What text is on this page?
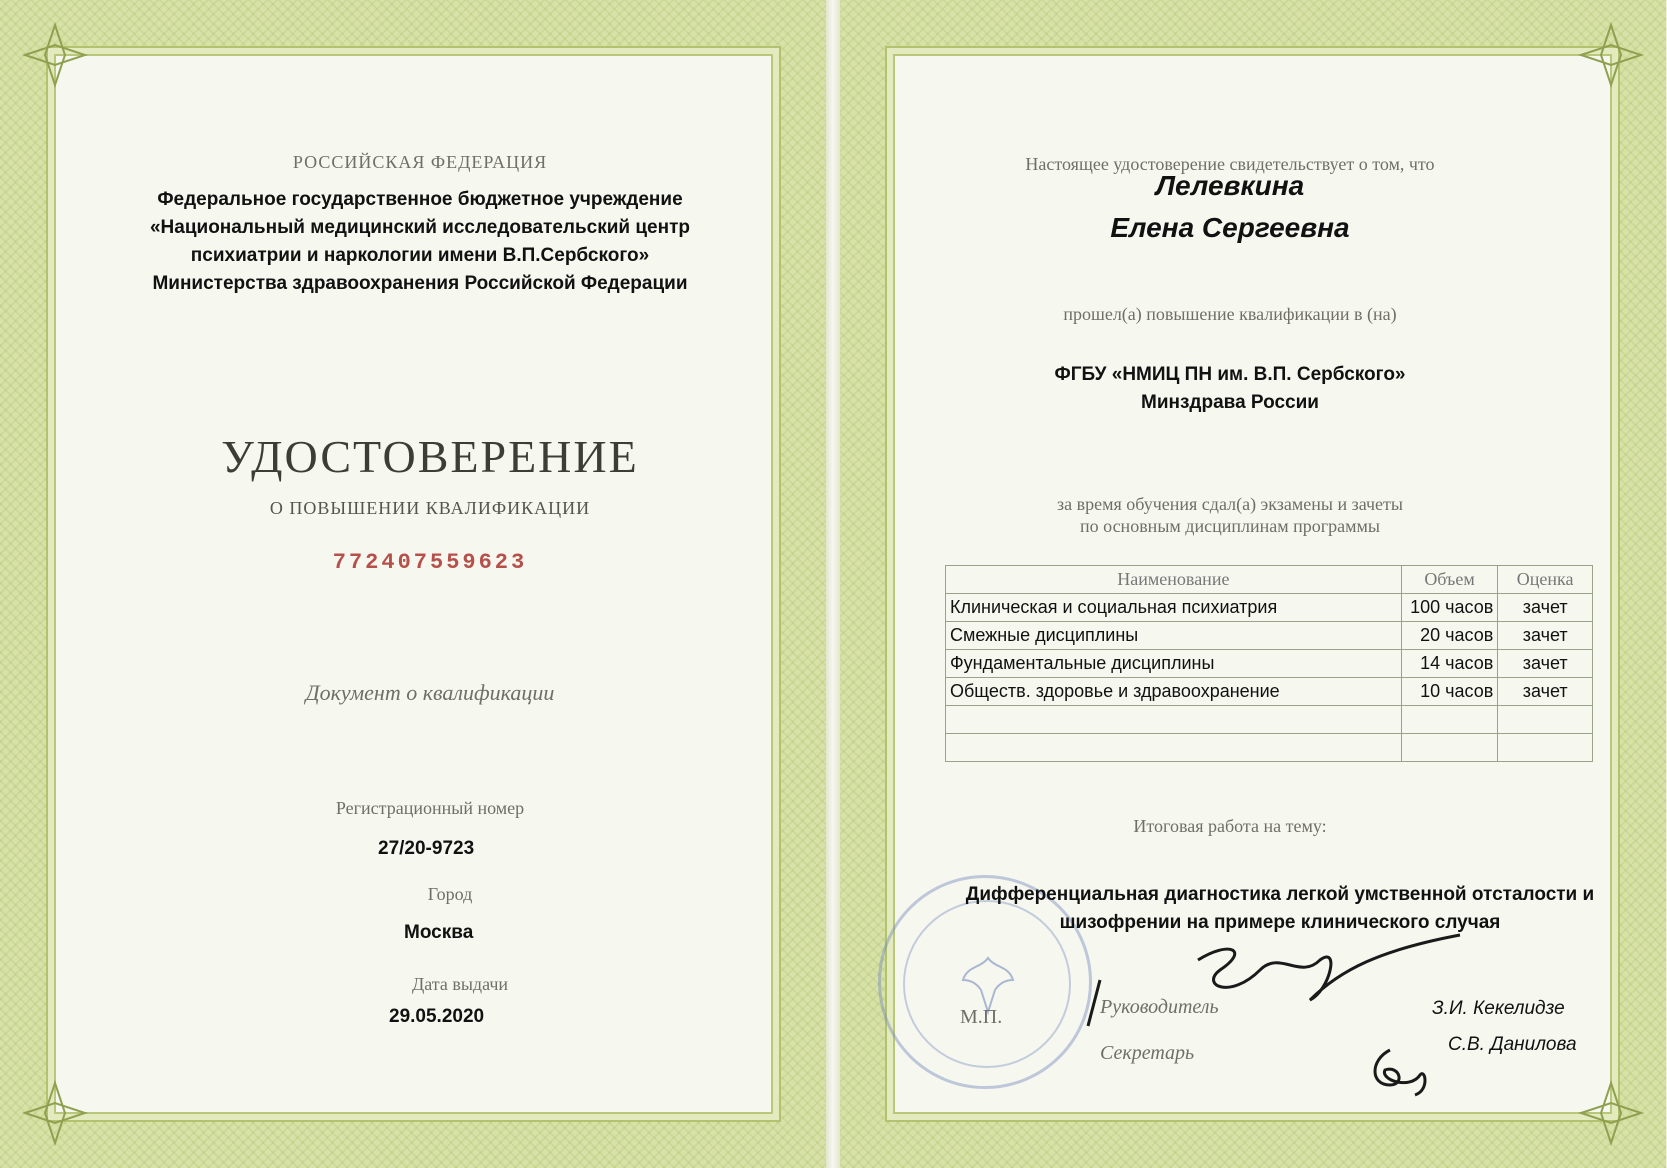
РОССИЙСКАЯ ФЕДЕРАЦИЯ

Федеральное государственное бюджетное учреждение

«Национальный медицинский исследовательский центр

психиатрии и наркологии имени В.П.Сербского»

Министерства здравоохранения Российской Федерации

УДОСТОВЕРЕНИЕ

О ПОВЫШЕНИИ КВАЛИФИКАЦИИ

772407559623

Документ о квалификации

Регистрационный номер

27/20-9723

Город

Москва

Дата выдачи

29.05.2020

Настоящее удостоверение свидетельствует о том, что

Лелевкина

Елена Сергеевна

прошел(а) повышение квалификации в (на)

ФГБУ «НМИЦ ПН им. В.П. Сербского»

Минздрава России

за время обучения сдал(а) экзамены и зачеты

по основным дисциплинам программы

Наименование	Объем	Оценка
Клиническая и социальная психиатрия	100 часов	зачет
Смежные дисциплины	20 часов	зачет
Фундаментальные дисциплины	14 часов	зачет
Обществ. здоровье и здравоохранение	10 часов	зачет

Итоговая работа на тему:

Дифференциальная диагностика легкой умственной отсталости и

шизофрении на примере клинического случая

М.П.	Руководитель	З.И. Кекелидзе

Секретарь	С.В. Данилова
